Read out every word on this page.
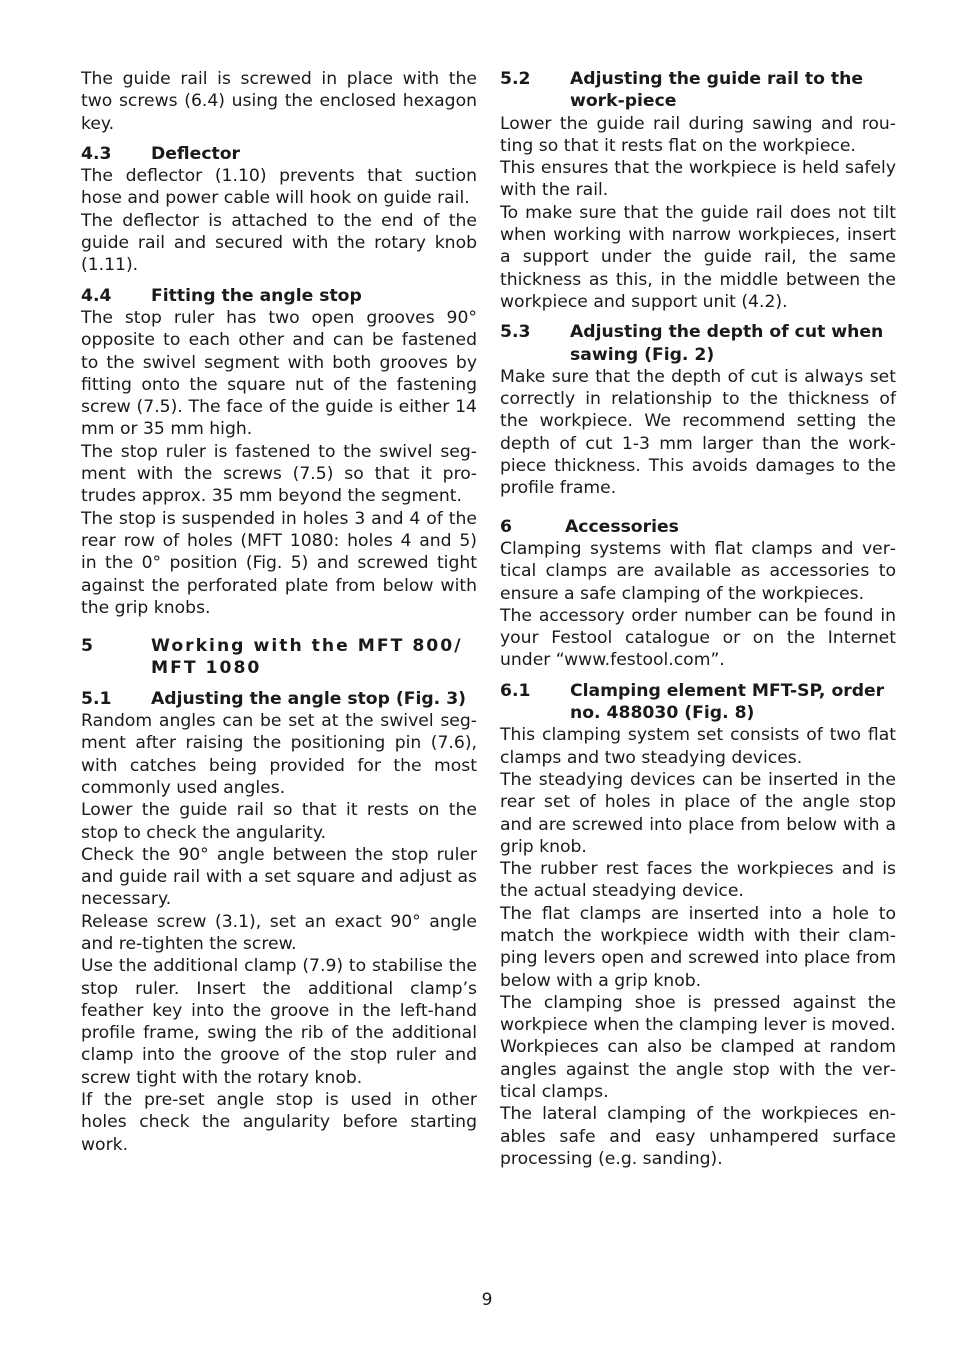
The guide rail is screwed in place with the two screws (6.4) using the enclosed hexagon key.

4.3	Deflector

The deflector (1.10) prevents that suction hose and power cable will hook on guide rail.

The deflector is attached to the end of the guide rail and secured with the rotary knob (1.11).

4.4	Fitting the angle stop

The stop ruler has two open grooves 90° opposite to each other and can be fastened to the swivel segment with both grooves by fitting onto the square nut of the fastening screw (7.5). The face of the guide is either 14 mm or 35 mm high.

The stop ruler is fastened to the swivel segment with the screws (7.5) so that it protrudes approx. 35 mm beyond the segment.

The stop is suspended in holes 3 and 4 of the rear row of holes (MFT 1080: holes 4 and 5) in the 0° position (Fig. 5) and screwed tight against the perforated plate from below with the grip knobs.

5	Working with the MFT 800/ MFT 1080
5.1	Adjusting the angle stop (Fig. 3)

Random angles can be set at the swivel segment after raising the positioning pin (7.6), with catches being provided for the most commonly used angles.

Lower the guide rail so that it rests on the stop to check the angularity.

Check the 90° angle between the stop ruler and guide rail with a set square and adjust as necessary.

Release screw (3.1), set an exact 90° angle and re-tighten the screw.

Use the additional clamp (7.9) to stabilise the stop ruler. Insert the additional clamp’s feather key into the groove in the left-hand profile frame, swing the rib of the additional clamp into the groove of the stop ruler and screw tight with the rotary knob.

If the pre-set angle stop is used in other holes check the angularity before starting work.

5.2	Adjusting the guide rail to the work-piece

Lower the guide rail during sawing and routing so that it rests flat on the workpiece.

This ensures that the workpiece is held safely with the rail.

To make sure that the guide rail does not tilt when working with narrow workpieces, insert a support under the guide rail, the same thickness as this, in the middle between the workpiece and support unit (4.2).

5.3	Adjusting the depth of cut when sawing (Fig. 2)

Make sure that the depth of cut is always set correctly in relationship to the thickness of the workpiece. We recommend setting the depth of cut 1-3 mm larger than the workpiece thickness. This avoids damages to the profile frame.

6	Accessories

Clamping systems with flat clamps and vertical clamps are available as accessories to ensure a safe clamping of the workpieces.

The accessory order number can be found in your Festool catalogue or on the Internet under “www.festool.com”.

6.1	Clamping element MFT-SP, order no. 488030 (Fig. 8)

This clamping system set consists of two flat clamps and two steadying devices.

The steadying devices can be inserted in the rear set of holes in place of the angle stop and are screwed into place from below with a grip knob.

The rubber rest faces the workpieces and is the actual steadying device.

The flat clamps are inserted into a hole to match the workpiece width with their clamping levers open and screwed into place from below with a grip knob.

The clamping shoe is pressed against the workpiece when the clamping lever is moved.

Workpieces can also be clamped at random angles against the angle stop with the vertical clamps.

The lateral clamping of the workpieces enables safe and easy unhampered surface processing (e.g. sanding).

9
